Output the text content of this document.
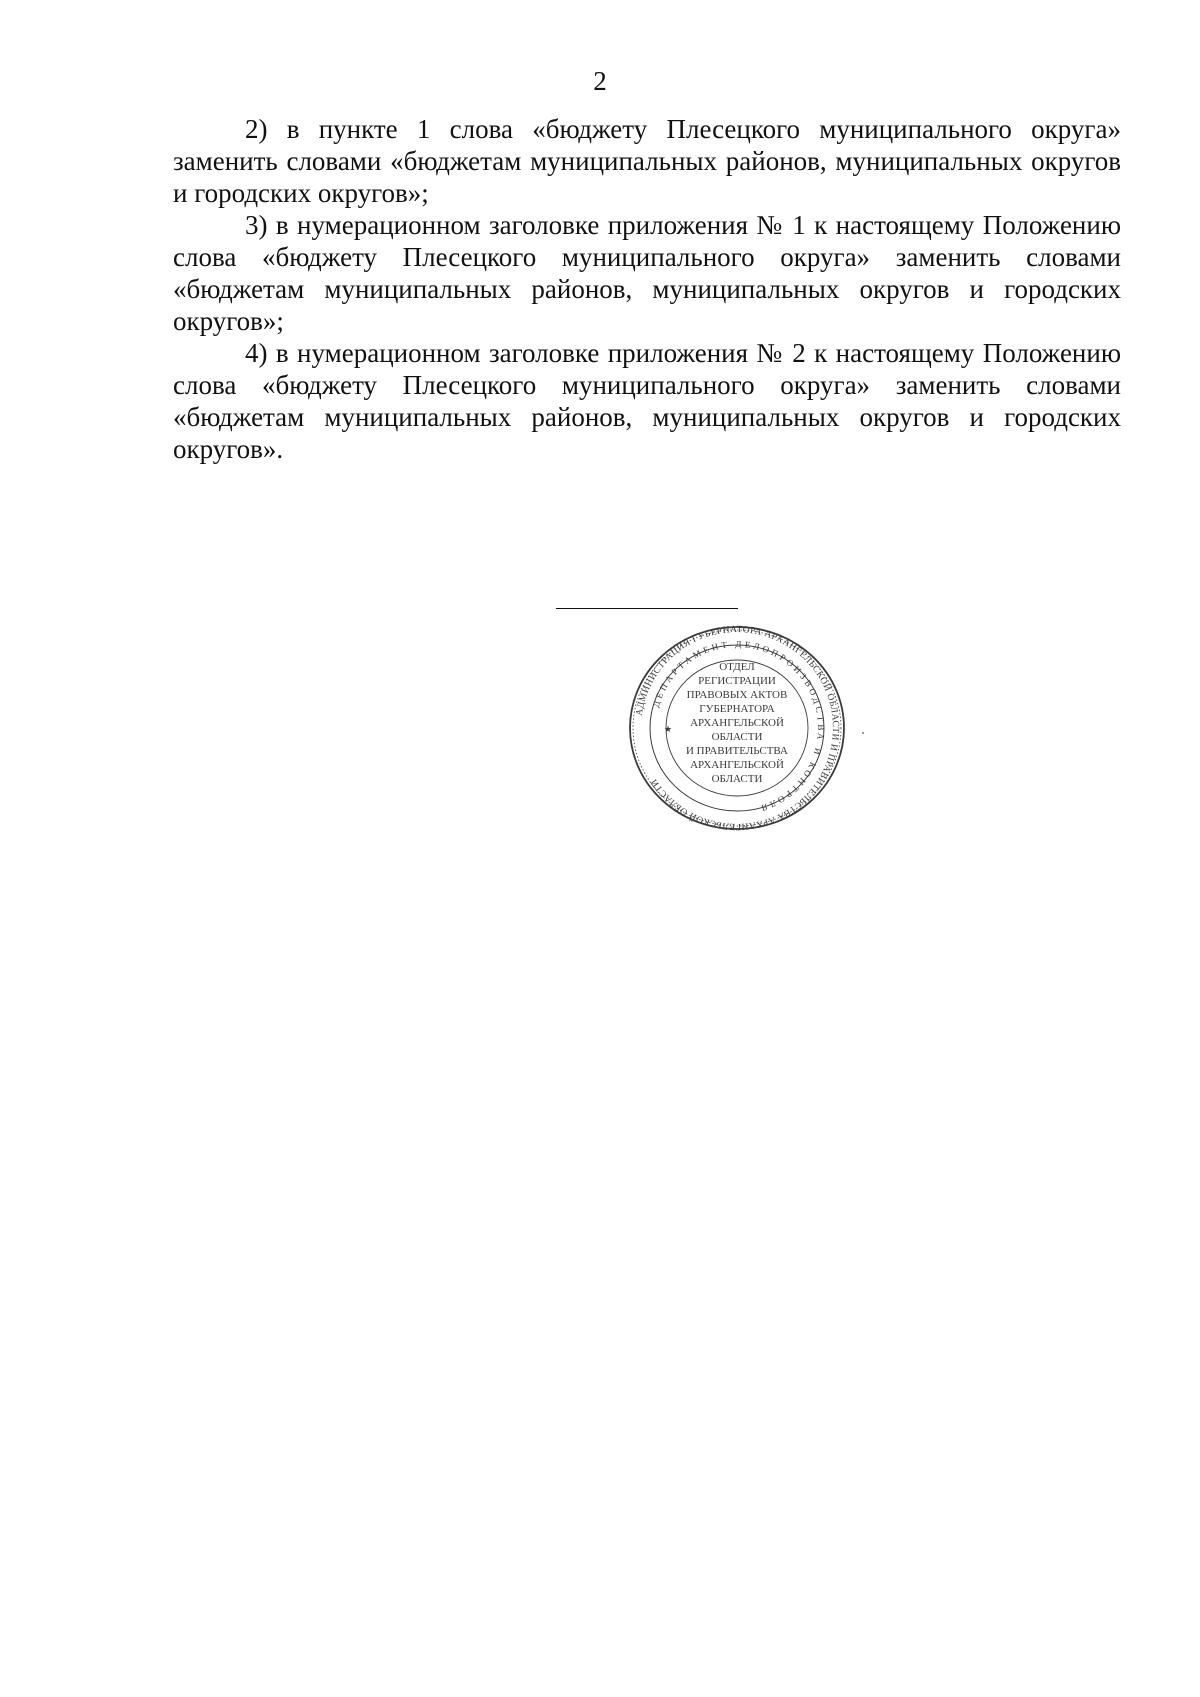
2

2) в пункте 1 слова «бюджету Плесецкого муниципального округа» заменить словами «бюджетам муниципальных районов, муниципальных округов и городских округов»;

3) в нумерационном заголовке приложения № 1 к настоящему Положению слова «бюджету Плесецкого муниципального округа» заменить словами «бюджетам муниципальных районов, муниципальных округов и городских округов»;

4) в нумерационном заголовке приложения № 2 к настоящему Положению слова «бюджету Плесецкого муниципального округа» заменить словами «бюджетам муниципальных районов, муниципальных округов и городских округов».

АДМИНИСТРАЦИЯ ГУБЕРНАТОРА АРХАНГЕЛЬСКОЙ ОБЛАСТИ И ПРАВИТЕЛЬСТВА АРХАНГЕЛЬСКОЙ ОБЛАСТИ
ДЕПАРТАМЕНТ ДЕЛОПРОИЗВОДСТВА И КОНТРОЛЯ
★
ОТДЕЛ
РЕГИСТРАЦИИ
ПРАВОВЫХ АКТОВ
ГУБЕРНАТОРА
АРХАНГЕЛЬСКОЙ
ОБЛАСТИ
И ПРАВИТЕЛЬСТВА
АРХАНГЕЛЬСКОЙ
ОБЛАСТИ
